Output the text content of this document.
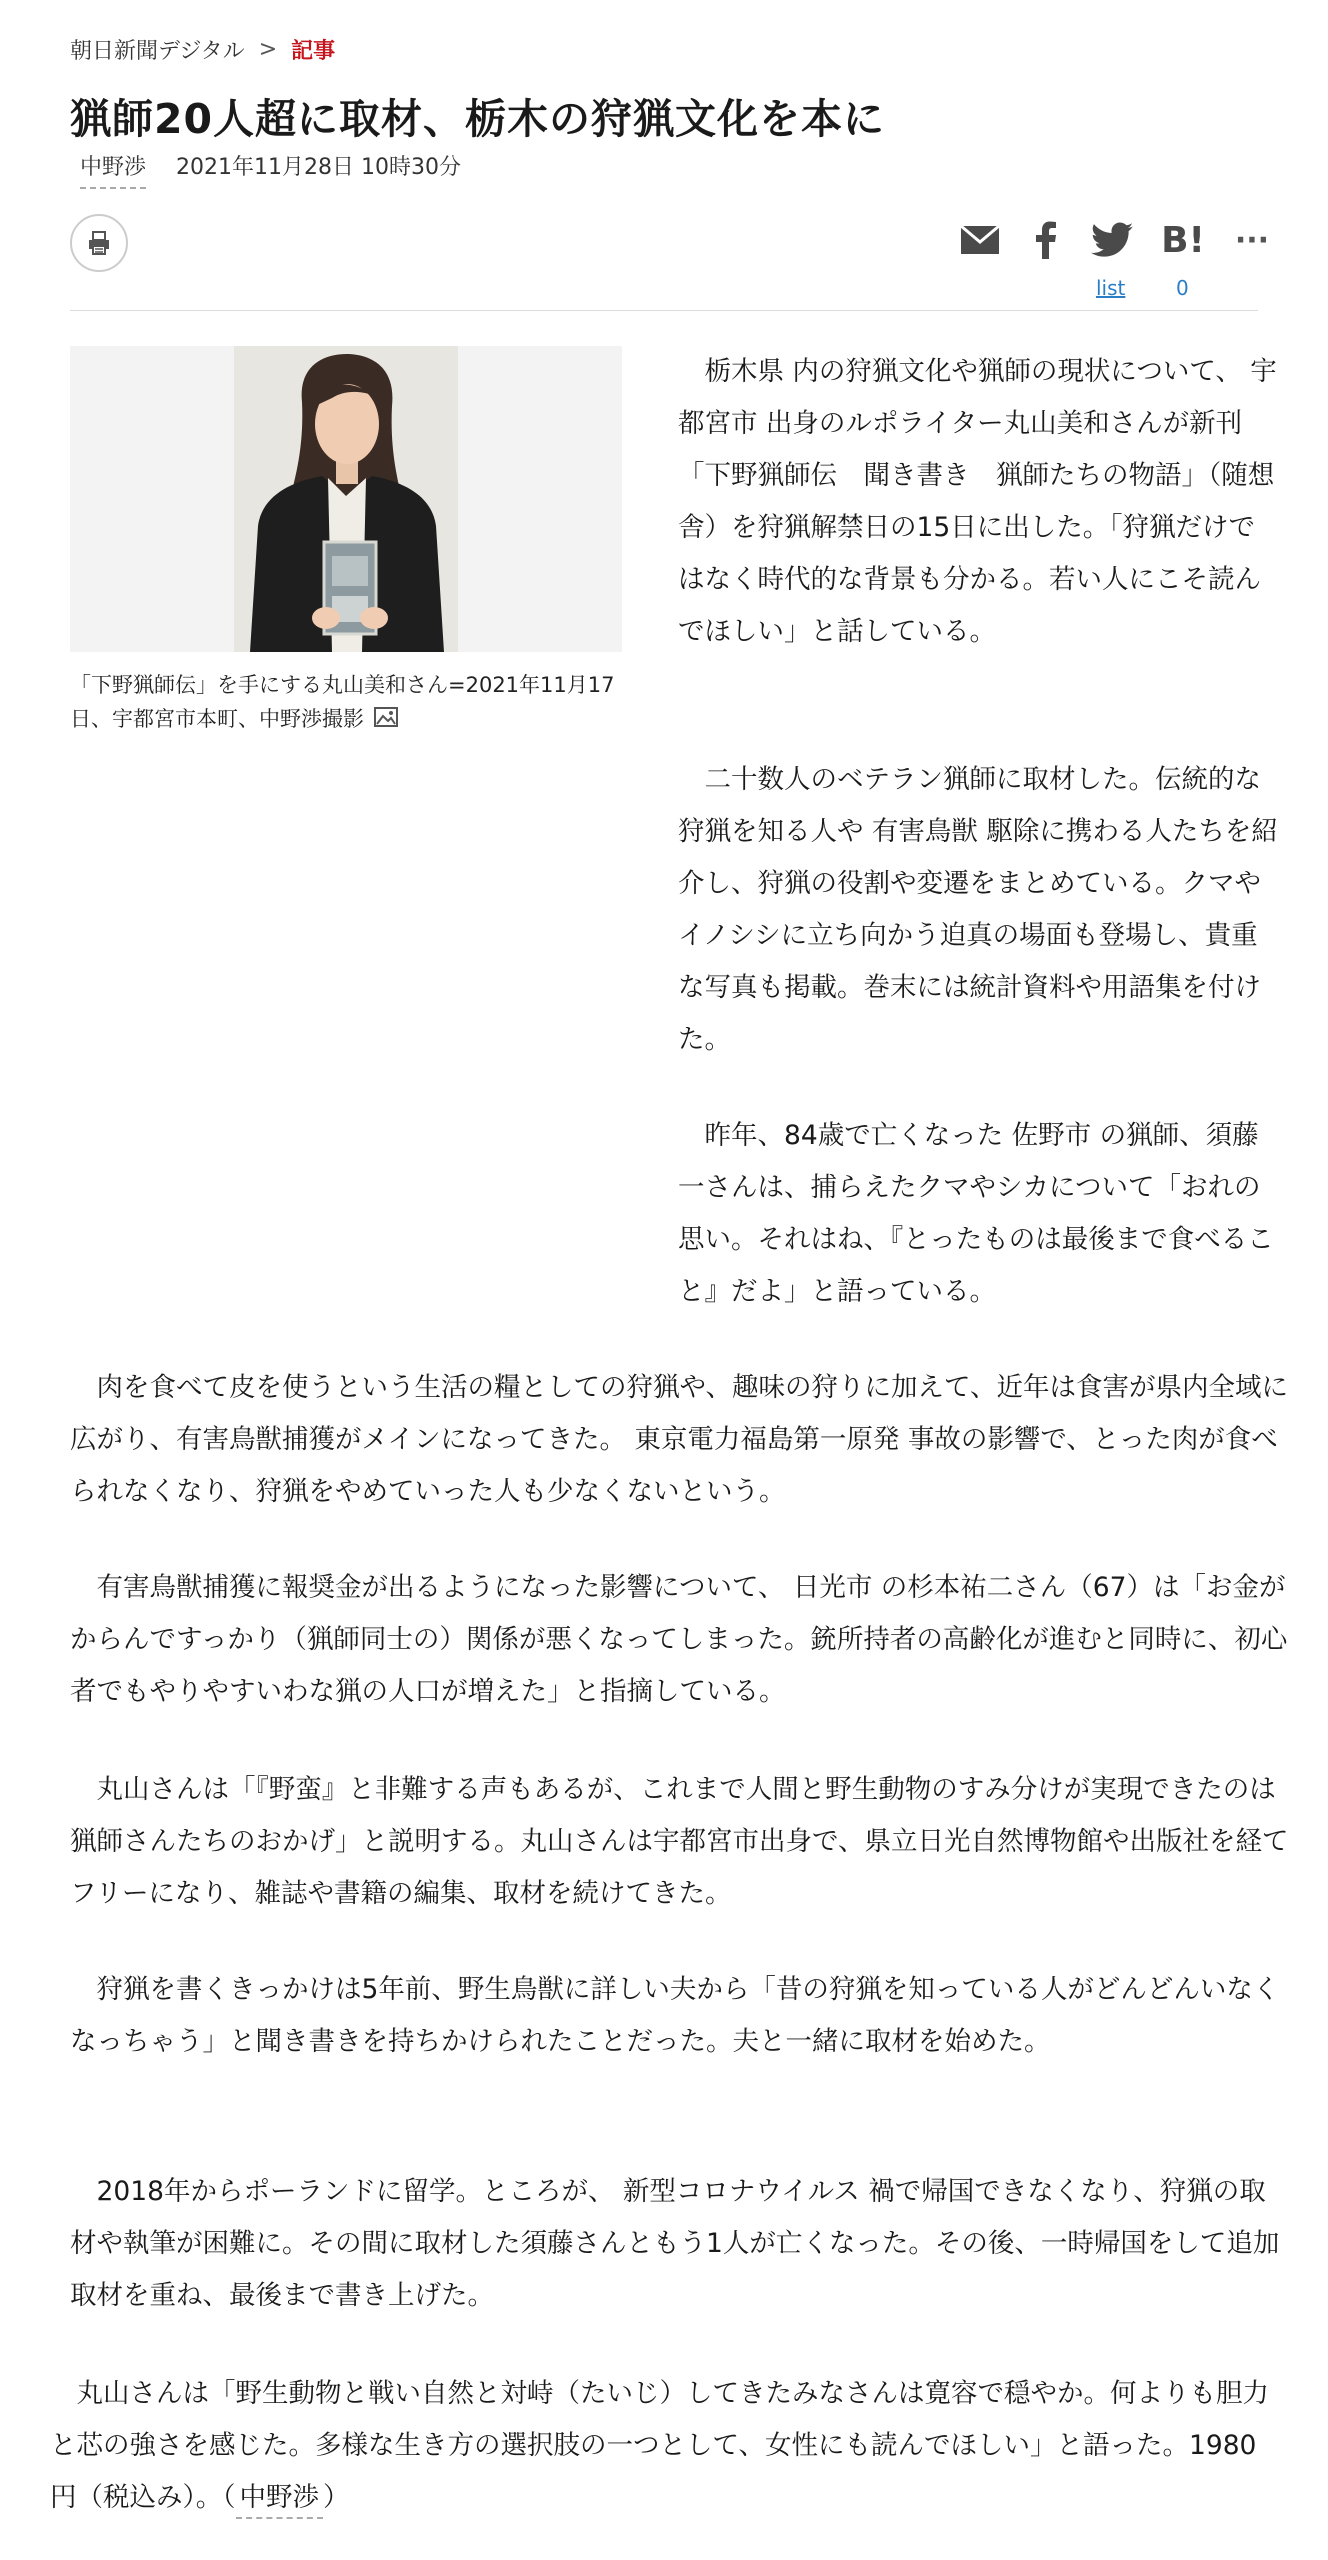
朝日新聞デジタル > 記事
猟師20人超に取材、栃木の狩猟文化を本に
中野渉 2021年11月28日 10時30分
B! ···
list	0

「下野猟師伝」を手にする丸山美和さん=2021年11月17日、宇都宮市本町、中野渉撮影

栃木県 内の狩猟文化や猟師の現状について、 宇都宮市 出身のルポライター丸山美和さんが新刊「下野猟師伝　聞き書き　猟師たちの物語」（随想舎）を狩猟解禁日の15日に出した。「狩猟だけではなく時代的な背景も分かる。若い人にこそ読んでほしい」と話している。

二十数人のベテラン猟師に取材した。伝統的な狩猟を知る人や 有害鳥獣 駆除に携わる人たちを紹介し、狩猟の役割や変遷をまとめている。クマやイノシシに立ち向かう迫真の場面も登場し、貴重な写真も掲載。巻末には統計資料や用語集を付けた。

昨年、84歳で亡くなった 佐野市 の猟師、須藤一さんは、捕らえたクマやシカについて「おれの思い。それはね、『とったものは最後まで食べること』だよ」と語っている。

肉を食べて皮を使うという生活の糧としての狩猟や、趣味の狩りに加えて、近年は食害が県内全域に広がり、有害鳥獣捕獲がメインになってきた。 東京電力福島第一原発 事故の影響で、とった肉が食べられなくなり、狩猟をやめていった人も少なくないという。

有害鳥獣捕獲に報奨金が出るようになった影響について、 日光市 の杉本祐二さん（67）は「お金がからんですっかり（猟師同士の）関係が悪くなってしまった。銃所持者の高齢化が進むと同時に、初心者でもやりやすいわな猟の人口が増えた」と指摘している。

丸山さんは「『野蛮』と非難する声もあるが、これまで人間と野生動物のすみ分けが実現できたのは猟師さんたちのおかげ」と説明する。丸山さんは宇都宮市出身で、県立日光自然博物館や出版社を経てフリーになり、雑誌や書籍の編集、取材を続けてきた。

狩猟を書くきっかけは5年前、野生鳥獣に詳しい夫から「昔の狩猟を知っている人がどんどんいなくなっちゃう」と聞き書きを持ちかけられたことだった。夫と一緒に取材を始めた。

2018年からポーランドに留学。ところが、 新型コロナウイルス 禍で帰国できなくなり、狩猟の取材や執筆が困難に。その間に取材した須藤さんともう1人が亡くなった。その後、一時帰国をして追加取材を重ね、最後まで書き上げた。

丸山さんは「野生動物と戦い自然と対峙（たいじ）してきたみなさんは寛容で穏やか。何よりも胆力と芯の強さを感じた。多様な生き方の選択肢の一つとして、女性にも読んでほしい」と語った。1980円（税込み）。（ 中野渉 ）
